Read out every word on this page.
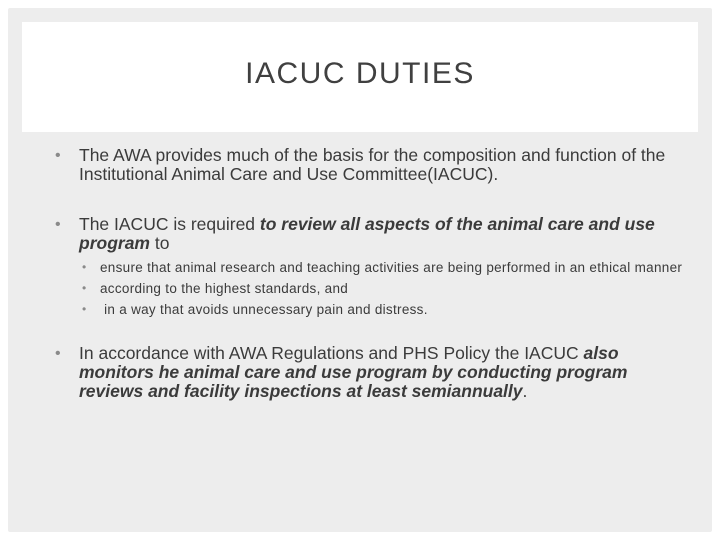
IACUC DUTIES
• The AWA provides much of the basis for the composition and function of the Institutional Animal Care and Use Committee(IACUC).
• The IACUC is required to review all aspects of the animal care and use program to
• ensure that animal research and teaching activities are being performed in an ethical manner
• according to the highest standards, and
• in a way that avoids unnecessary pain and distress.
• In accordance with AWA Regulations and PHS Policy the IACUC also monitors he animal care and use program by conducting program reviews and facility inspections at least semiannually.
